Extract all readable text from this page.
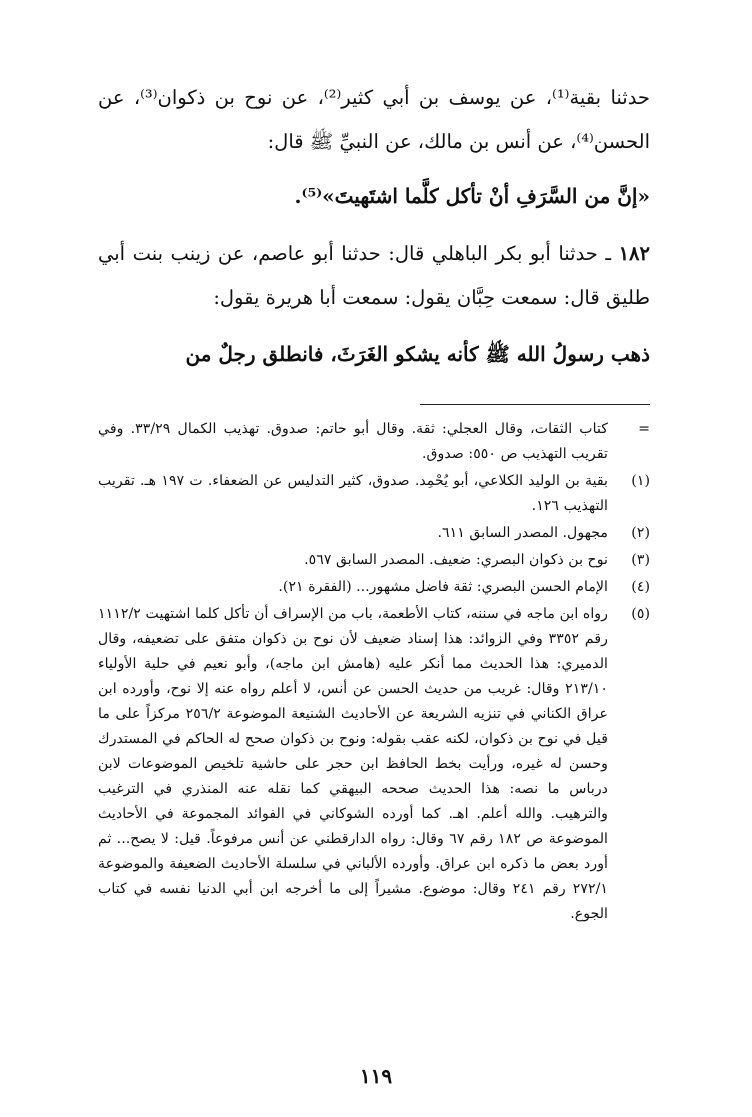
حدثنا بقية⁽¹⁾، عن يوسف بن أبي كثير⁽²⁾، عن نوح بن ذكوان⁽³⁾، عن الحسن⁽⁴⁾، عن أنس بن مالك، عن النبيِّ ﷺ قال:

«إنَّ من السَّرَفِ أنْ تأكل كلَّما اشتَهيتَ»⁽⁵⁾.

١٨٢ ـ حدثنا أبو بكر الباهلي قال: حدثنا أبو عاصم، عن زينب بنت أبي طليق قال: سمعت حِبَّان يقول: سمعت أبا هريرة يقول:

ذهب رسولُ الله ﷺ كأنه يشكو الغَرَثَ، فانطلق رجلٌ من

=
كتاب الثقات، وقال العجلي: ثقة. وقال أبو حاتم: صدوق. تهذيب الكمال ٣٣/٢٩. وفي تقريب التهذيب ص ٥٥٠: صدوق.
(١)
بقية بن الوليد الكلاعي، أبو يُحْمِد. صدوق، كثير التدليس عن الضعفاء. ت ١٩٧ هـ. تقريب التهذيب ١٢٦.
(٢)
مجهول. المصدر السابق ٦١١.
(٣)
نوح بن ذكوان البصري: ضعيف. المصدر السابق ٥٦٧.
(٤)
الإمام الحسن البصري: ثقة فاضل مشهور... (الفقرة ٢١).
(٥)
رواه ابن ماجه في سننه، كتاب الأطعمة، باب من الإسراف أن تأكل كلما اشتهيت ١١١٢/٢ رقم ٣٣٥٢ وفي الزوائد: هذا إسناد ضعيف لأن نوح بن ذكوان متفق على تضعيفه، وقال الدميري: هذا الحديث مما أنكر عليه (هامش ابن ماجه)، وأبو نعيم في حلية الأولياء ٢١٣/١٠ وقال: غريب من حديث الحسن عن أنس، لا أعلم رواه عنه إلا نوح، وأورده ابن عراق الكناني في تنزيه الشريعة عن الأحاديث الشنيعة الموضوعة ٢٥٦/٢ مركزاً على ما قيل في نوح بن ذكوان، لكنه عقب بقوله: ونوح بن ذكوان صحح له الحاكم في المستدرك وحسن له غيره، ورأيت بخط الحافظ ابن حجر على حاشية تلخيص الموضوعات لابن درباس ما نصه: هذا الحديث صححه البيهقي كما نقله عنه المنذري في الترغيب والترهيب. والله أعلم. اهـ. كما أورده الشوكاني في الفوائد المجموعة في الأحاديث الموضوعة ص ١٨٢ رقم ٦٧ وقال: رواه الدارقطني عن أنس مرفوعاً. قيل: لا يصح... ثم أورد بعض ما ذكره ابن عراق. وأورده الألباني في سلسلة الأحاديث الضعيفة والموضوعة ٢٧٢/١ رقم ٢٤١ وقال: موضوع. مشيراً إلى ما أخرجه ابن أبي الدنيا نفسه في كتاب الجوع.
١١٩
